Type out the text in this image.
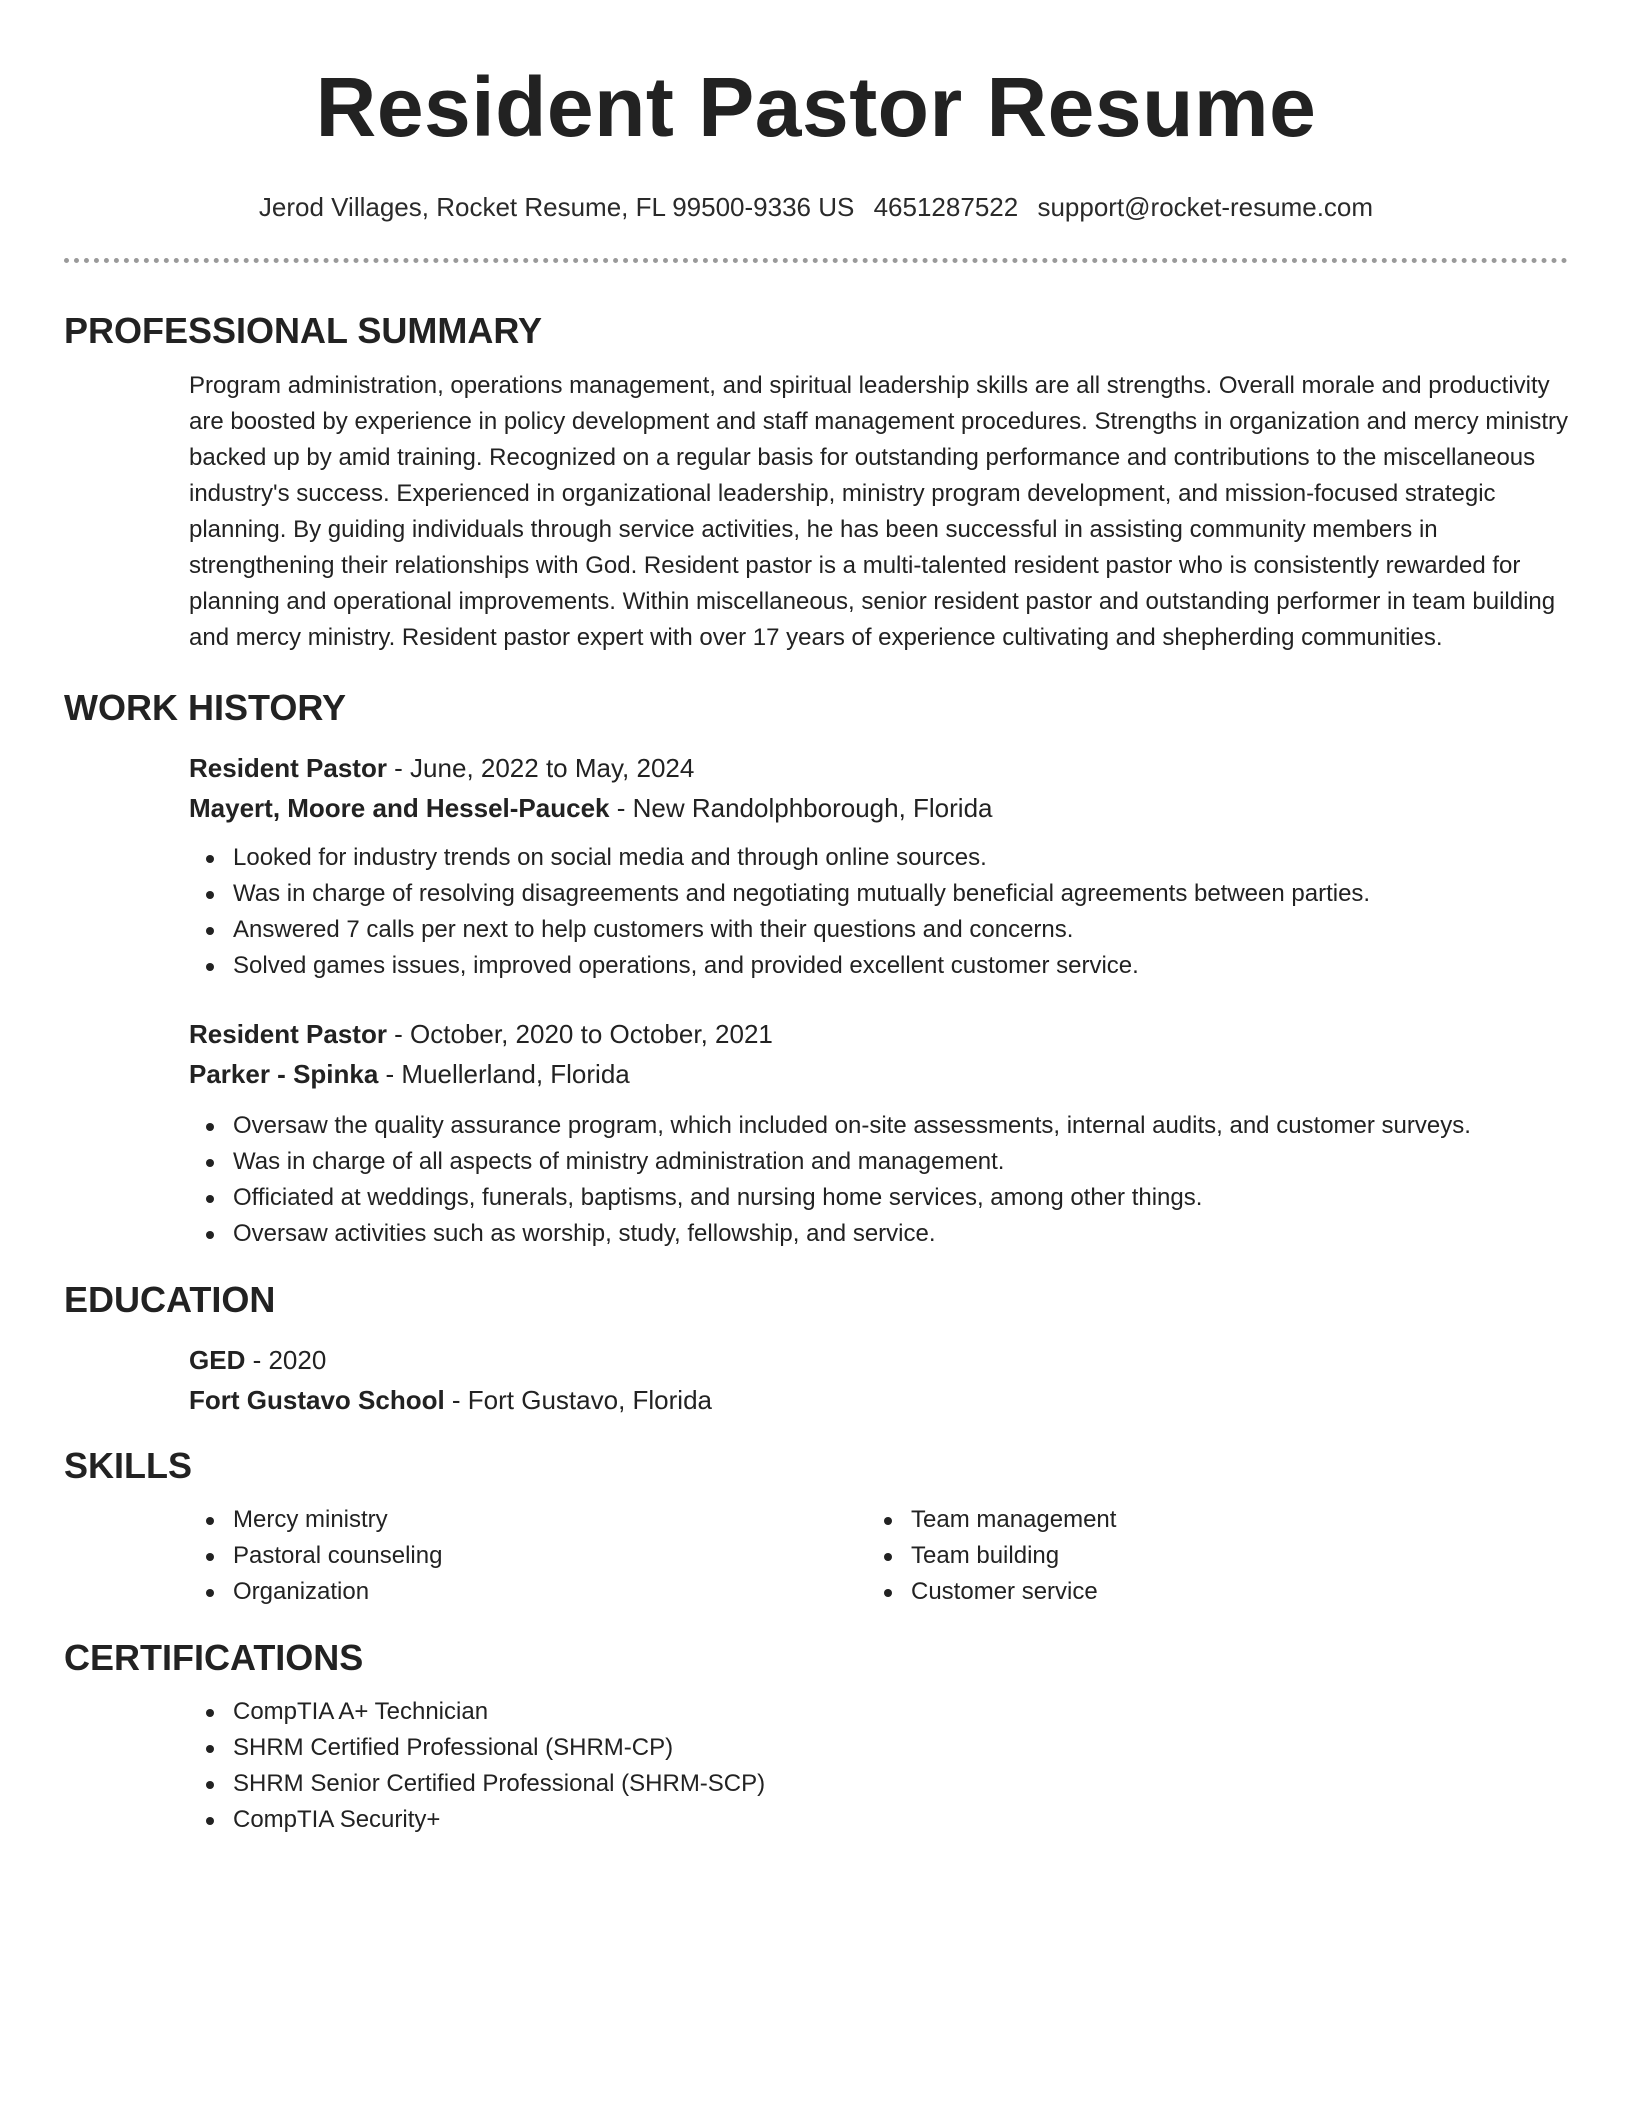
Resident Pastor Resume
Jerod Villages, Rocket Resume, FL 99500-9336 US 4651287522 support@rocket-resume.com
PROFESSIONAL SUMMARY

Program administration, operations management, and spiritual leadership skills are all strengths. Overall morale and productivity are boosted by experience in policy development and staff management procedures. Strengths in organization and mercy ministry backed up by amid training. Recognized on a regular basis for outstanding performance and contributions to the miscellaneous industry's success. Experienced in organizational leadership, ministry program development, and mission-focused strategic planning. By guiding individuals through service activities, he has been successful in assisting community members in strengthening their relationships with God. Resident pastor is a multi-talented resident pastor who is consistently rewarded for planning and operational improvements. Within miscellaneous, senior resident pastor and outstanding performer in team building and mercy ministry. Resident pastor expert with over 17 years of experience cultivating and shepherding communities.

WORK HISTORY
Resident Pastor - June, 2022 to May, 2024
Mayert, Moore and Hessel-Paucek - New Randolphborough, Florida
Looked for industry trends on social media and through online sources.
Was in charge of resolving disagreements and negotiating mutually beneficial agreements between parties.
Answered 7 calls per next to help customers with their questions and concerns.
Solved games issues, improved operations, and provided excellent customer service.
Resident Pastor - October, 2020 to October, 2021
Parker - Spinka - Muellerland, Florida
Oversaw the quality assurance program, which included on-site assessments, internal audits, and customer surveys.
Was in charge of all aspects of ministry administration and management.
Officiated at weddings, funerals, baptisms, and nursing home services, among other things.
Oversaw activities such as worship, study, fellowship, and service.
EDUCATION
GED - 2020
Fort Gustavo School - Fort Gustavo, Florida
SKILLS
Mercy ministry
Pastoral counseling
Organization
Team management
Team building
Customer service
CERTIFICATIONS
CompTIA A+ Technician
SHRM Certified Professional (SHRM-CP)
SHRM Senior Certified Professional (SHRM-SCP)
CompTIA Security+
